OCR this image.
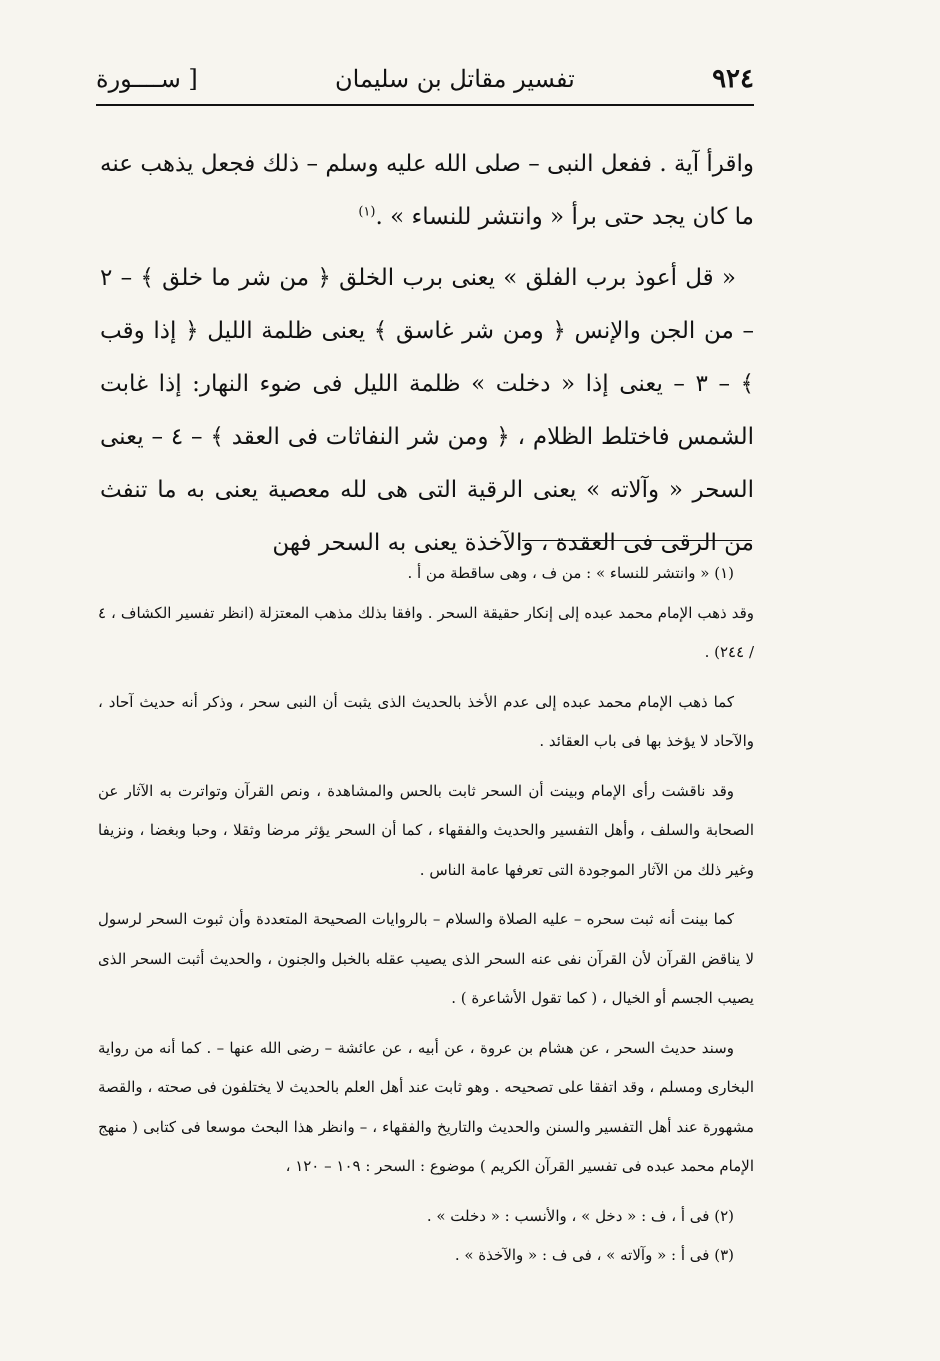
٩٢٤
تفسير مقاتل بن سليمان
[ ســــورة

واقرأ آية . ففعل النبى – صلى الله عليه وسلم – ذلك فجعل يذهب عنه ما كان يجد حتى برأ « وانتشر للنساء » .$^{(١)}$

« قل أعوذ برب الفلق » يعنى برب الخلق ﴿ من شر ما خلق ﴾ – ٢ – من الجن والإنس ﴿ ومن شر غاسق ﴾ يعنى ظلمة الليل ﴿ إذا وقب ﴾ – ٣ – يعنى إذا « دخلت » ظلمة الليل فى ضوء النهار: إذا غابت الشمس فاختلط الظلام ، ﴿ ومن شر النفاثات فى العقد ﴾ – ٤ – يعنى السحر « وآلاته » يعنى الرقية التى هى لله معصية يعنى به ما تنفث من الرقى فى العقدة ، والآخذة يعنى به السحر فهن

(١) « وانتشر للنساء » : من ف ، وهى ساقطة من أ .

وقد ذهب الإمام محمد عبده إلى إنكار حقيقة السحر . وافقا بذلك مذهب المعتزلة (انظر تفسير الكشاف ، ٤ / ٢٤٤) .

كما ذهب الإمام محمد عبده إلى عدم الأخذ بالحديث الذى يثبت أن النبى سحر ، وذكر أنه حديث آحاد ، والآحاد لا يؤخذ بها فى باب العقائد .

وقد ناقشت رأى الإمام وبينت أن السحر ثابت بالحس والمشاهدة ، ونص القرآن وتواترت به الآثار عن الصحابة والسلف ، وأهل التفسير والحديث والفقهاء ، كما أن السحر يؤثر مرضا وثقلا ، وحبا وبغضا ، ونزيفا وغير ذلك من الآثار الموجودة التى تعرفها عامة الناس .

كما بينت أنه ثبت سحره – عليه الصلاة والسلام – بالروايات الصحيحة المتعددة وأن ثبوت السحر لرسول لا يناقض القرآن لأن القرآن نفى عنه السحر الذى يصيب عقله بالخبل والجنون ، والحديث أثبت السحر الذى يصيب الجسم أو الخيال ، ( كما تقول الأشاعرة ) .

وسند حديث السحر ، عن هشام بن عروة ، عن أبيه ، عن عائشة – رضى الله عنها – . كما أنه من رواية البخارى ومسلم ، وقد اتفقا على تصحيحه . وهو ثابت عند أهل العلم بالحديث لا يختلفون فى صحته ، والقصة مشهورة عند أهل التفسير والسنن والحديث والتاريخ والفقهاء ، – وانظر هذا البحث موسعا فى كتابى ( منهج الإمام محمد عبده فى تفسير القرآن الكريم ) موضوع : السحر : ١٠٩ – ١٢٠ ،

(٢) فى أ ، ف : « دخل » ، والأنسب : « دخلت » .

(٣) فى أ : « وآلاته » ، فى ف : « والآخذة » .
